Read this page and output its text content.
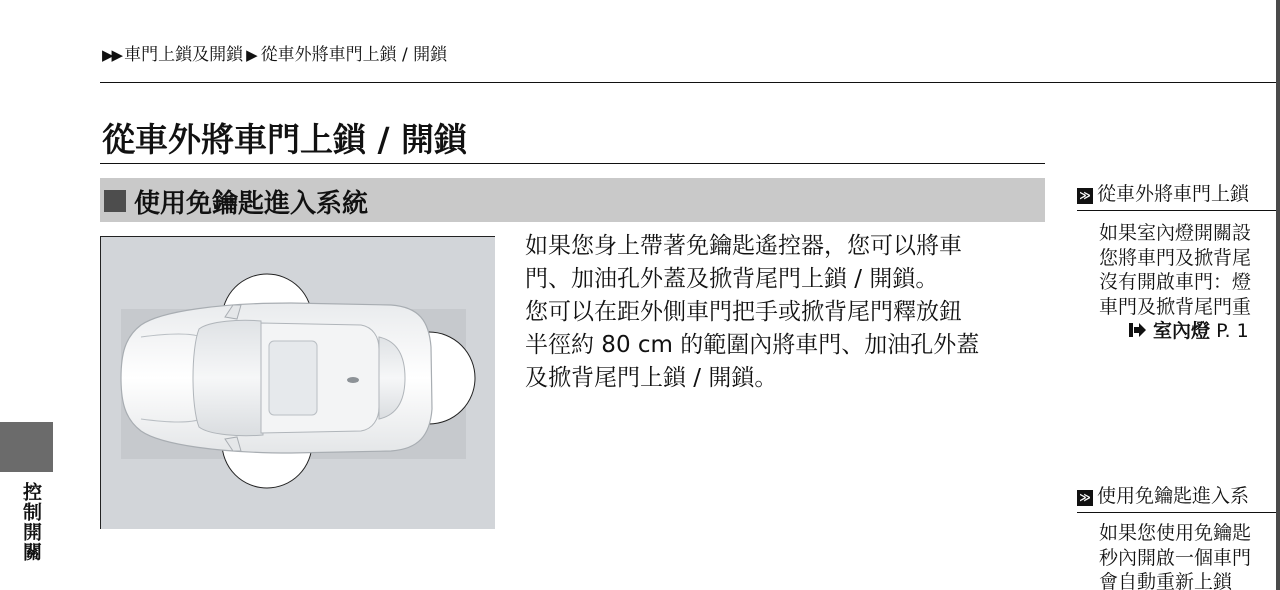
▶▶ 車門上鎖及開鎖 ▶ 從車外將車門上鎖 / 開鎖
從車外將車門上鎖 / 開鎖
使用免鑰匙進入系統

如果您身上帶著免鑰匙遙控器，您可以將車

門、加油孔外蓋及掀背尾門上鎖 / 開鎖。

您可以在距外側車門把手或掀背尾門釋放鈕

半徑約 80 cm 的範圍內將車門、加油孔外蓋

及掀背尾門上鎖 / 開鎖。

≫ 從車外將車門上鎖

如果室內燈開關設

您將車門及掀背尾

沒有開啟車門：燈

車門及掀背尾門重

室內燈 P. 1

≫ 使用免鑰匙進入系

如果您使用免鑰匙

秒內開啟一個車門

會自動重新上鎖

控制開關
